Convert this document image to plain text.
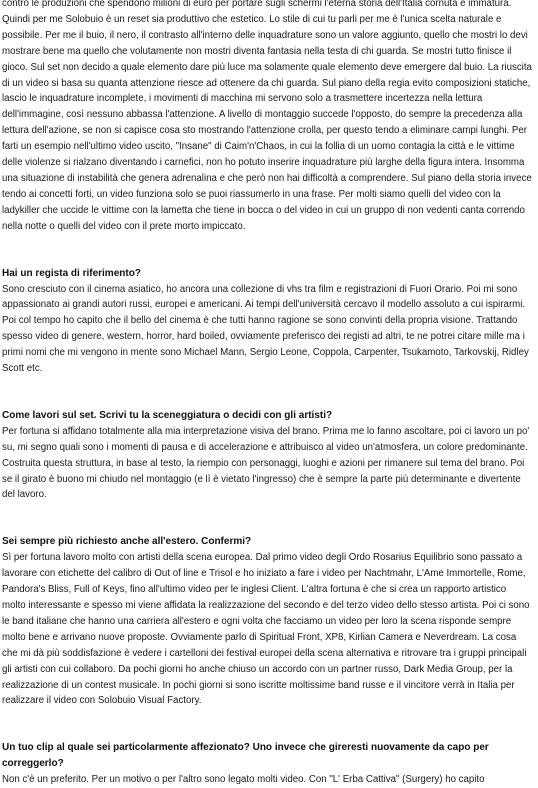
contro le produzioni che spendono milioni di euro per portare sugli schermi l'eterna storia dell'Italia cornuta e immatura. Quindi per me Solobuio è un reset sia produttivo che estetico. Lo stile di cui tu parli per me è l'unica scelta naturale e possibile. Per me il buio, il nero, il contrasto all'interno delle inquadrature sono un valore aggiunto, quello che mostri lo devi mostrare bene ma quello che volutamente non mostri diventa fantasia nella testa di chi guarda. Se mostri tutto finisce il gioco. Sul set non decido a quale elemento dare più luce ma solamente quale elemento deve emergere dal buio. La riuscita di un video si basa su quanta attenzione riesce ad ottenere da chi guarda. Sul piano della regia evito composizioni statiche, lascio le inquadrature incomplete, i movimenti di macchina mi servono solo a trasmettere incertezza nella lettura dell'immagine, così nessuno abbassa l'attenzione. A livello di montaggio succede l'opposto, do sempre la precedenza alla lettura dell'azione, se non si capisce cosa sto mostrando l'attenzione crolla, per questo tendo a eliminare campi lunghi. Per farti un esempio nell'ultimo video uscito, "Insane" di Caim'n'Chaos, in cui la follia di un uomo contagia la città e le vittime delle violenze si rialzano diventando i carnefici, non ho potuto inserire inquadrature più larghe della figura intera. Insomma una situazione di instabilità che genera adrenalina e che però non hai difficoltà a comprendere. Sul piano della storia invece tendo ai concetti forti, un video funziona solo se puoi riassumerlo in una frase. Per molti siamo quelli del video con la ladykiller che uccide le vittime con la lametta che tiene in bocca o del video in cui un gruppo di non vedenti canta correndo nella notte o quelli del video con il prete morto impiccato.

Hai un regista di riferimento?

Sono cresciuto con il cinema asiatico, ho ancora una collezione di vhs tra film e registrazioni di Fuori Orario. Poi mi sono appassionato ai grandi autori russi, europei e americani. Ai tempi dell'università cercavo il modello assoluto a cui ispirarmi. Poi col tempo ho capito che il bello del cinema è che tutti hanno ragione se sono convinti della propria visione. Trattando spesso video di genere, western, horror, hard boiled, ovviamente preferisco dei registi ad altri, te ne potrei citare mille ma i primi nomi che mi vengono in mente sono Michael Mann, Sergio Leone, Coppola, Carpenter, Tsukamoto, Tarkovskij, Ridley Scott etc.

Come lavori sul set. Scrivi tu la sceneggiatura o decidi con gli artisti?

Per fortuna si affidano totalmente alla mia interpretazione visiva del brano. Prima me lo fanno ascoltare, poi ci lavoro un po' su, mi segno quali sono i momenti di pausa e di accelerazione e attribuisco al video un'atmosfera, un colore predominante. Costruita questa struttura, in base al testo, la riempio con personaggi, luoghi e azioni per rimanere sul tema del brano. Poi se il girato è buono mi chiudo nel montaggio (e lì è vietato l'ingresso) che è sempre la parte più determinante e divertente del lavoro.

Sei sempre più richiesto anche all'estero. Confermi?

Sì per fortuna lavoro molto con artisti della scena europea. Dal primo video degli Ordo Rosarius Equilibrio sono passato a lavorare con etichette del calibro di Out of line e Trisol e ho iniziato a fare i video per Nachtmahr, L'Ame Immortelle, Rome, Pandora's Bliss, Full of Keys, fino all'ultimo video per le inglesi Client. L'altra fortuna è che si crea un rapporto artistico molto interessante e spesso mi viene affidata la realizzazione del secondo e del terzo video dello stesso artista. Poi ci sono le band italiane che hanno una carriera all'estero e ogni volta che facciamo un video per loro la scena risponde sempre molto bene e arrivano nuove proposte. Ovviamente parlo di Spiritual Front, XP8, Kirlian Camera e Neverdream. La cosa che mi dà più soddisfazione è vedere i cartelloni dei festival europei della scena alternativa e ritrovare tra i gruppi principali gli artisti con cui collaboro. Da pochi giorni ho anche chiuso un accordo con un partner russo, Dark Media Group, per la realizzazione di un contest musicale. In pochi giorni si sono iscritte moltissime band russe e il vincitore verrà in Italia per realizzare il video con Solobuio Visual Factory.

Un tuo clip al quale sei particolarmente affezionato? Uno invece che gireresti nuovamente da capo per correggerlo?

Non c'è un preferito. Per un motivo o per l'altro sono legato molti video. Con "L' Erba Cattiva" (Surgery) ho capito
